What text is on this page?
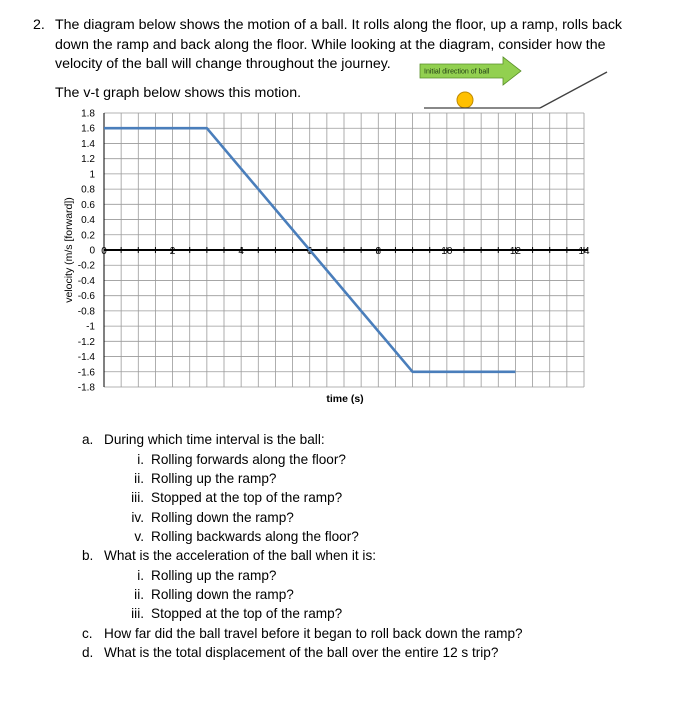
2. The diagram below shows the motion of a ball. It rolls along the floor, up a ramp, rolls back
down the ramp and back along the floor. While looking at the diagram, consider how the
velocity of the ball will change throughout the journey.
The v-t graph below shows this motion.
Initial direction of ball
1.8
1.6
1.4
1.2
1
0.8
0.6
0.4
0.2
0
-0.2
-0.4
-0.6
-0.8
-1
-1.2
-1.4
-1.6
-1.8
0	2	4	6	8	10	12	14
velocity (m/s [forward])
time (s)
a. During which time interval is the ball:
i. Rolling forwards along the floor?
ii. Rolling up the ramp?
iii. Stopped at the top of the ramp?
iv. Rolling down the ramp?
v. Rolling backwards along the floor?
b. What is the acceleration of the ball when it is:
i. Rolling up the ramp?
ii. Rolling down the ramp?
iii. Stopped at the top of the ramp?
c. How far did the ball travel before it began to roll back down the ramp?
d. What is the total displacement of the ball over the entire 12 s trip?
